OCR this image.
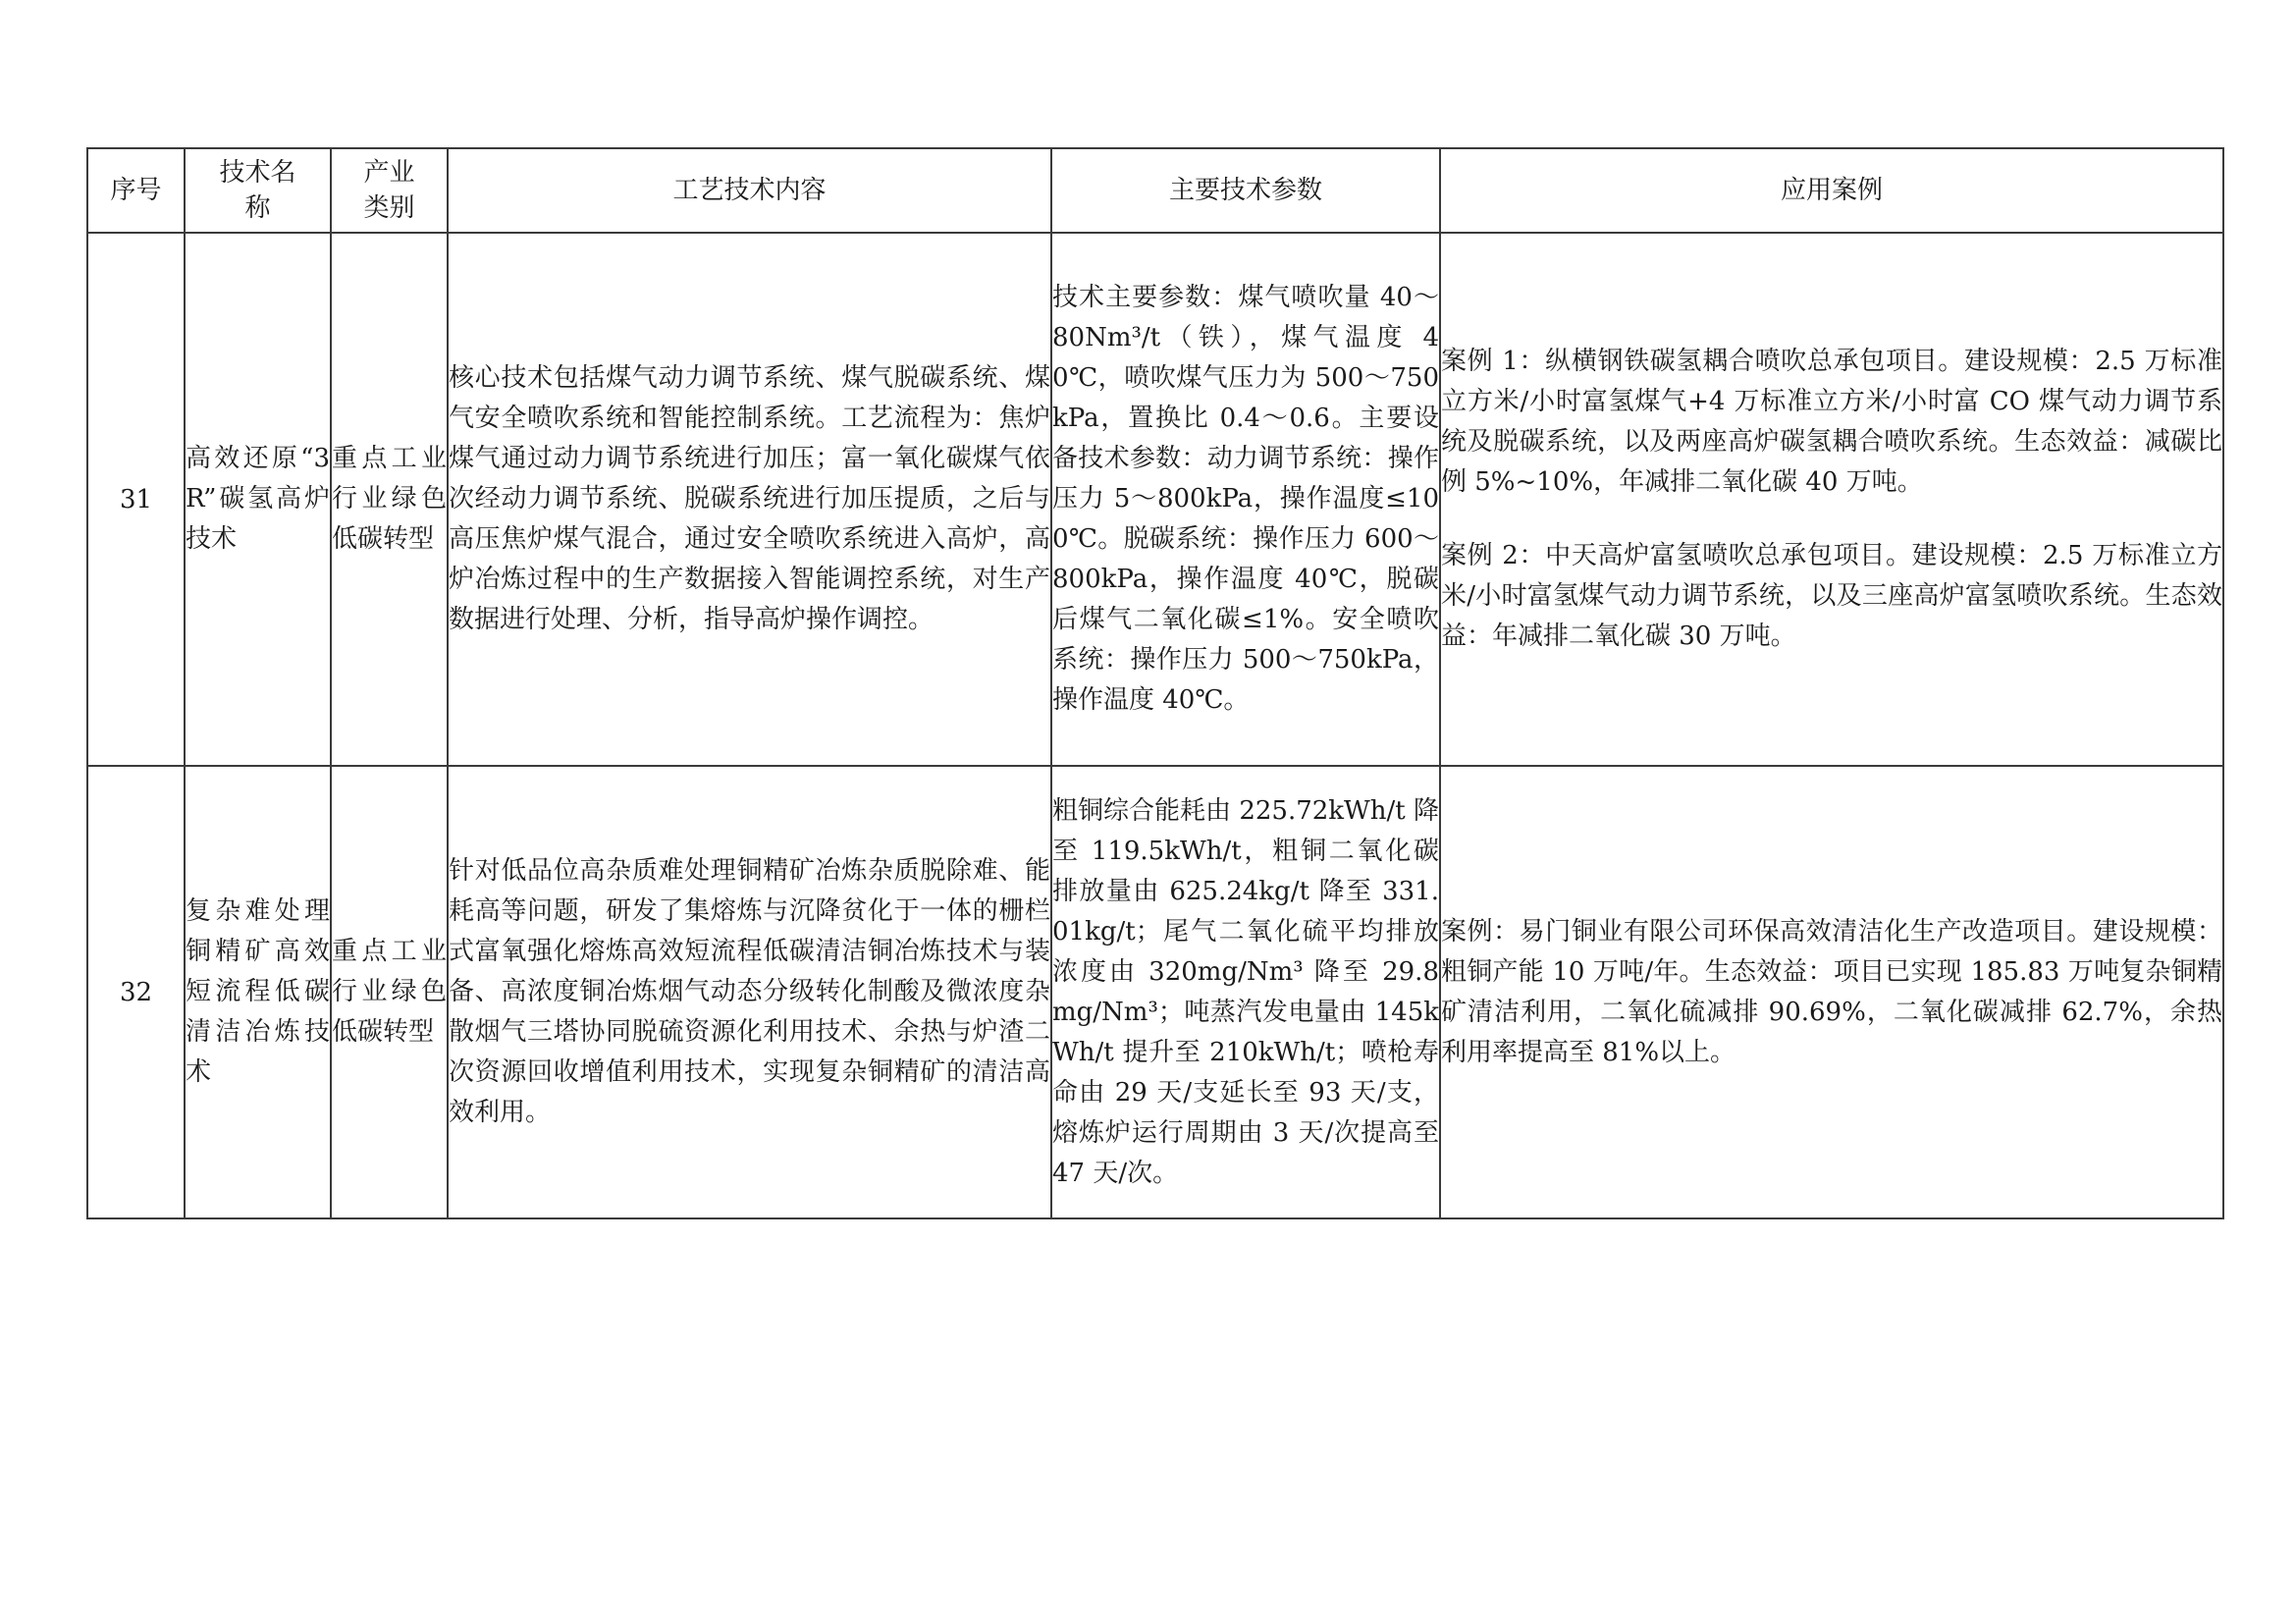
序号	技术名称	产业类别	工艺技术内容	主要技术参数	应用案例
31	高效还原“3R”碳氢高炉技术	重点工业行业绿色低碳转型	核心技术包括煤气动力调节系统、煤气脱碳系统、煤气安全喷吹系统和智能控制系统。工艺流程为：焦炉煤气通过动力调节系统进行加压；富一氧化碳煤气依次经动力调节系统、脱碳系统进行加压提质，之后与高压焦炉煤气混合，通过安全喷吹系统进入高炉，高炉冶炼过程中的生产数据接入智能调控系统，对生产数据进行处理、分析，指导高炉操作调控。	技术主要参数：煤气喷吹量 40～80Nm³/t（铁），煤气温度 40℃，喷吹煤气压力为 500～750kPa，置换比 0.4～0.6。主要设备技术参数：动力调节系统：操作压力 5～800kPa，操作温度≤100℃。脱碳系统：操作压力 600～800kPa，操作温度 40℃，脱碳后煤气二氧化碳≤1%。安全喷吹系统：操作压力 500～750kPa，操作温度 40℃。	案例 1：纵横钢铁碳氢耦合喷吹总承包项目。建设规模：2.5 万标准立方米/小时富氢煤气+4 万标准立方米/小时富 CO 煤气动力调节系统及脱碳系统，以及两座高炉碳氢耦合喷吹系统。生态效益：减碳比例 5%~10%，年减排二氧化碳 40 万吨。

案例 2：中天高炉富氢喷吹总承包项目。建设规模：2.5 万标准立方米/小时富氢煤气动力调节系统，以及三座高炉富氢喷吹系统。生态效益：年减排二氧化碳 30 万吨。

32	复杂难处理铜精矿高效短流程低碳清洁冶炼技术	重点工业行业绿色低碳转型	针对低品位高杂质难处理铜精矿冶炼杂质脱除难、能耗高等问题，研发了集熔炼与沉降贫化于一体的栅栏式富氧强化熔炼高效短流程低碳清洁铜冶炼技术与装备、高浓度铜冶炼烟气动态分级转化制酸及微浓度杂散烟气三塔协同脱硫资源化利用技术、余热与炉渣二次资源回收增值利用技术，实现复杂铜精矿的清洁高效利用。	粗铜综合能耗由 225.72kWh/t 降至 119.5kWh/t，粗铜二氧化碳排放量由 625.24kg/t 降至 331.01kg/t；尾气二氧化硫平均排放浓度由 320mg/Nm³ 降至 29.8mg/Nm³；吨蒸汽发电量由 145kWh/t 提升至 210kWh/t；喷枪寿命由 29 天/支延长至 93 天/支，熔炼炉运行周期由 3 天/次提高至 47 天/次。	案例：易门铜业有限公司环保高效清洁化生产改造项目。建设规模：粗铜产能 10 万吨/年。生态效益：项目已实现 185.83 万吨复杂铜精矿清洁利用，二氧化硫减排 90.69%，二氧化碳减排 62.7%，余热利用率提高至 81%以上。
